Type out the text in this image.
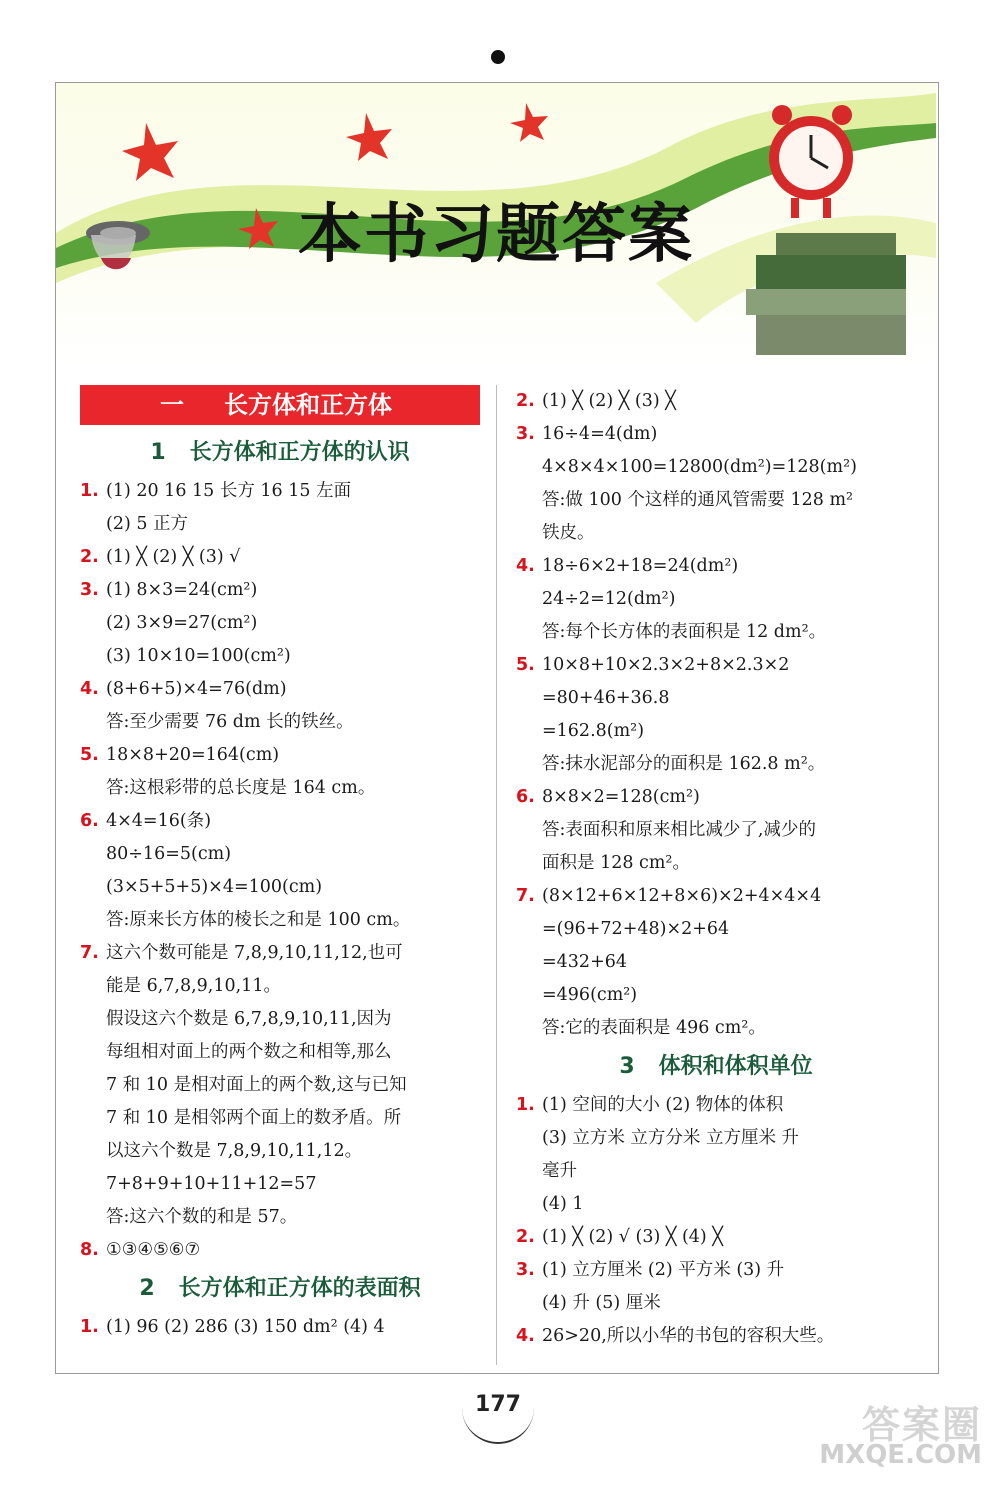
本书习题答案
一 长方体和正方体
1 长方体和正方体的认识
1. (1) 20 16 15 长方 16 15 左面
(2) 5 正方
2. (1) ╳ (2) ╳ (3) √
3. (1) 8×3=24(cm²)
(2) 3×9=27(cm²)
(3) 10×10=100(cm²)
4. (8+6+5)×4=76(dm)
答:至少需要 76 dm 长的铁丝。
5. 18×8+20=164(cm)
答:这根彩带的总长度是 164 cm。
6. 4×4=16(条)
80÷16=5(cm)
(3×5+5+5)×4=100(cm)
答:原来长方体的棱长之和是 100 cm。
7. 这六个数可能是 7,8,9,10,11,12,也可
能是 6,7,8,9,10,11。
假设这六个数是 6,7,8,9,10,11,因为
每组相对面上的两个数之和相等,那么
7 和 10 是相对面上的两个数,这与已知
7 和 10 是相邻两个面上的数矛盾。所
以这六个数是 7,8,9,10,11,12。
7+8+9+10+11+12=57
答:这六个数的和是 57。
8. ①③④⑤⑥⑦
2 长方体和正方体的表面积
1. (1) 96 (2) 286 (3) 150 dm² (4) 4
2. (1) ╳ (2) ╳ (3) ╳
3. 16÷4=4(dm)
4×8×4×100=12800(dm²)=128(m²)
答:做 100 个这样的通风管需要 128 m²
铁皮。
4. 18÷6×2+18=24(dm²)
24÷2=12(dm²)
答:每个长方体的表面积是 12 dm²。
5. 10×8+10×2.3×2+8×2.3×2
=80+46+36.8
=162.8(m²)
答:抹水泥部分的面积是 162.8 m²。
6. 8×8×2=128(cm²)
答:表面积和原来相比减少了,减少的
面积是 128 cm²。
7. (8×12+6×12+8×6)×2+4×4×4
=(96+72+48)×2+64
=432+64
=496(cm²)
答:它的表面积是 496 cm²。
3 体积和体积单位
1. (1) 空间的大小 (2) 物体的体积
(3) 立方米 立方分米 立方厘米 升
毫升
(4) 1
2. (1) ╳ (2) √ (3) ╳ (4) ╳
3. (1) 立方厘米 (2) 平方米 (3) 升
(4) 升 (5) 厘米
4. 26>20,所以小华的书包的容积大些。
177	答案圈
MXQE.COM
